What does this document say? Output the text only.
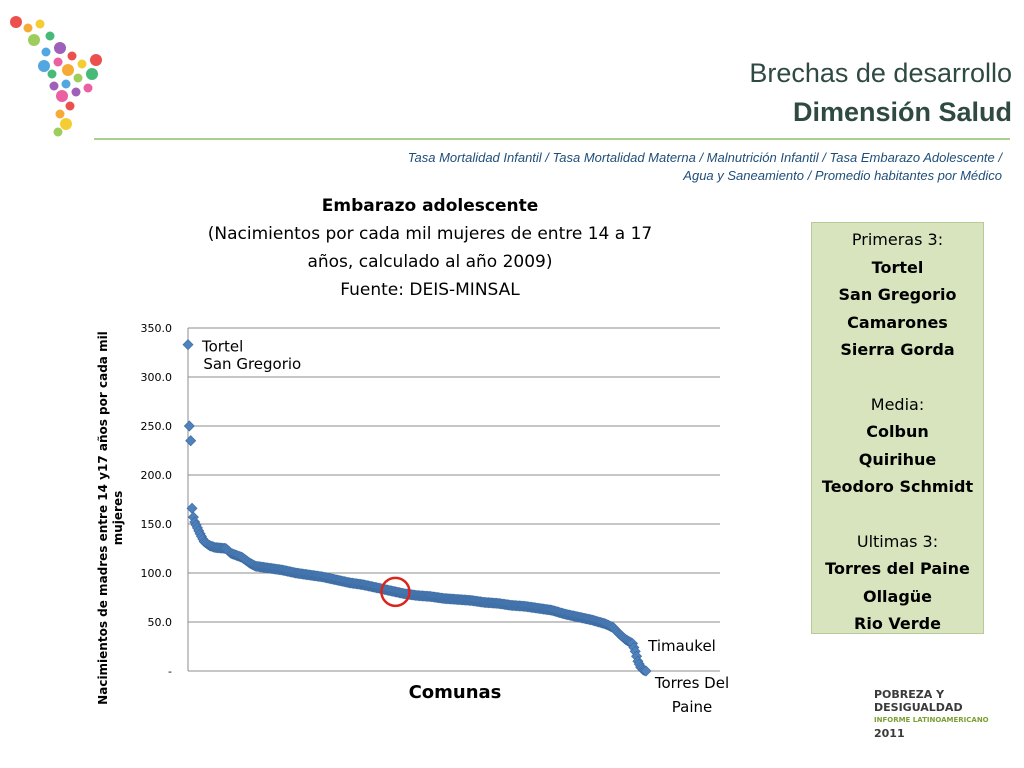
Brechas de desarrollo
Dimensión Salud
Tasa Mortalidad Infantil / Tasa Mortalidad Materna / Malnutrición Infantil / Tasa Embarazo Adolescente / Agua y Saneamiento / Promedio habitantes por Médico
Embarazo adolescente
(Nacimientos por cada mil mujeres de entre 14 a 17
años, calculado al año 2009)
Fuente: DEIS-MINSAL
Nacimientos de madres entre 14 y17 años por cada mil mujeres
-
50.0
100.0
150.0
200.0
250.0
300.0
350.0
Tortel
San Gregorio
Timaukel
Torres Del
Paine
Comunas
Primeras 3:
Tortel
San Gregorio
Camarones
Sierra Gorda
Media:
Colbun
Quirihue
Teodoro Schmidt
Ultimas 3:
Torres del Paine
Ollagüe
Rio Verde
POBREZA Y
DESIGUALDAD
INFORME LATINOAMERICANO
2011
